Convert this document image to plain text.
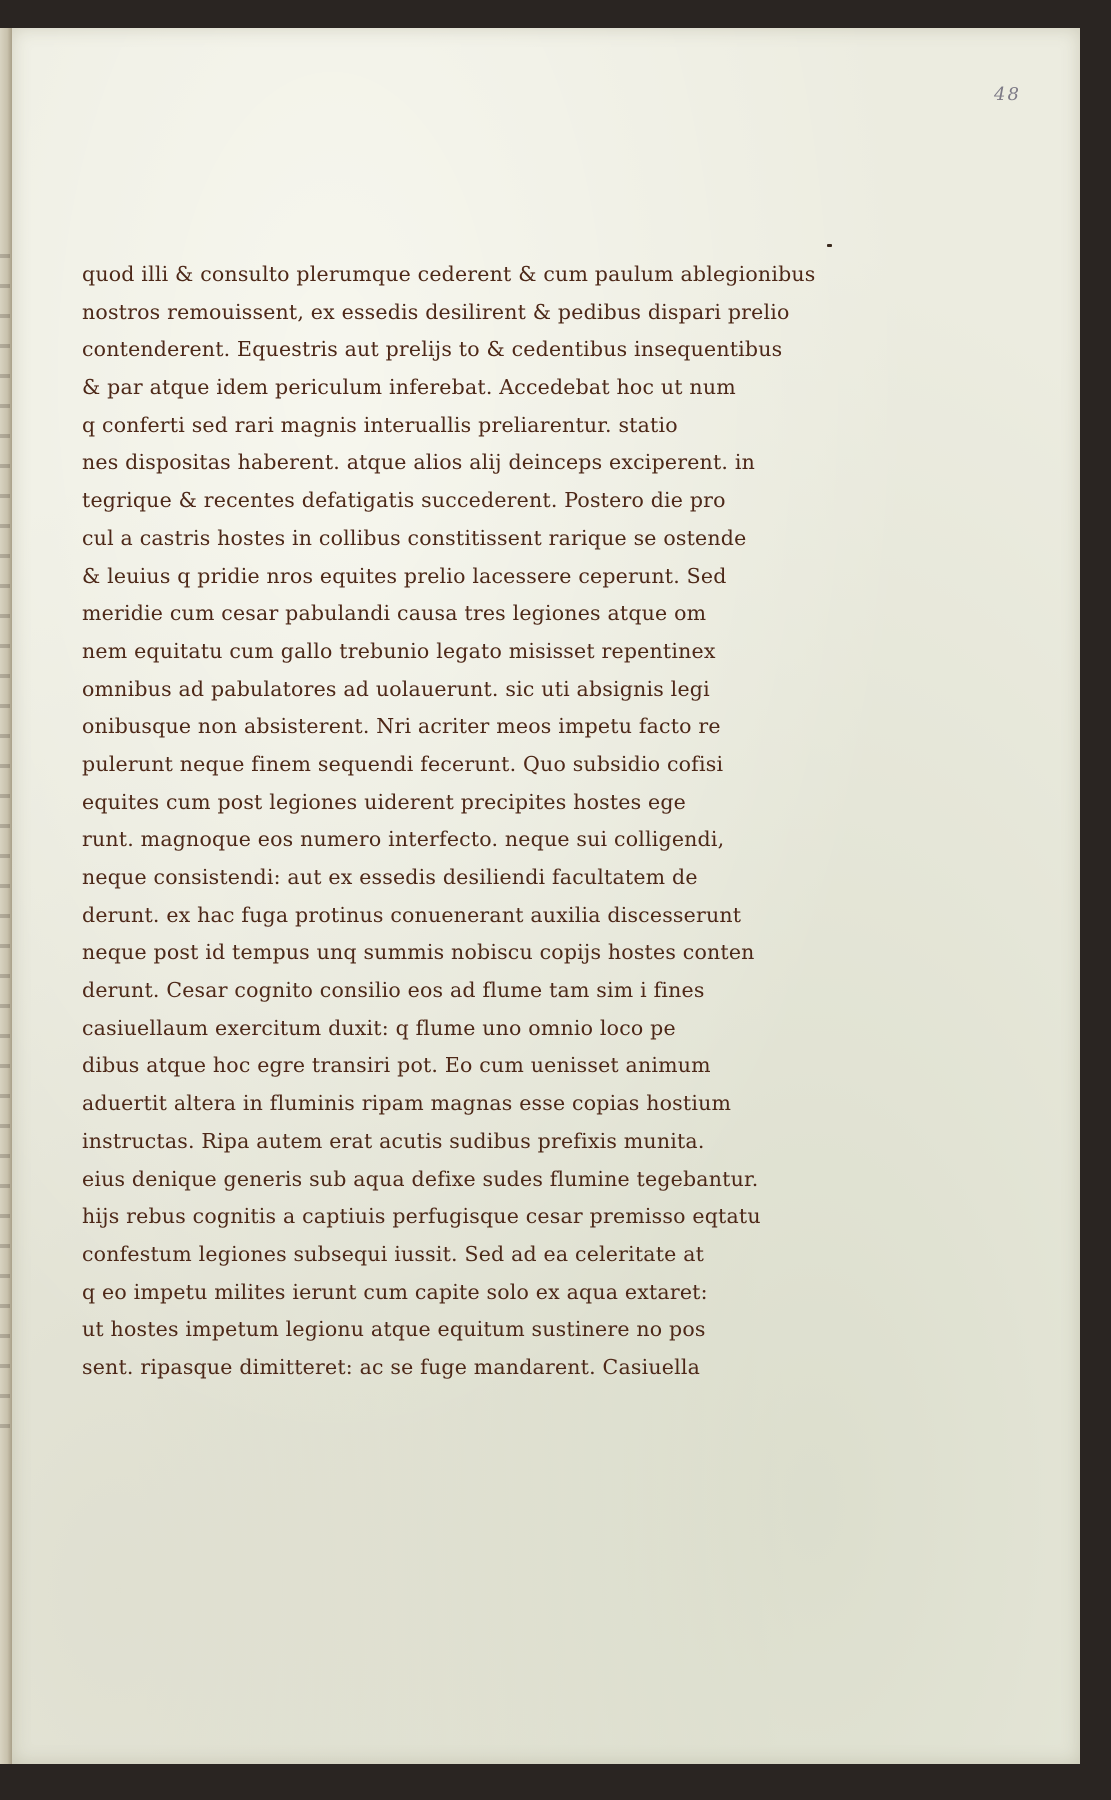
48
quod illi & consulto plerumque cederent & cum paulum ablegionibus
nostros remouissent, ex essedis desilirent & pedibus dispari prelio
contenderent. Equestris aut prelijs to & cedentibus insequentibus
& par atque idem periculum inferebat. Accedebat hoc ut num
q conferti sed rari magnis interuallis preliarentur. statio
nes dispositas haberent. atque alios alij deinceps exciperent. in
tegrique & recentes defatigatis succederent. Postero die pro
cul a castris hostes in collibus constitissent rarique se ostende
& leuius q pridie nros equites prelio lacessere ceperunt. Sed
meridie cum cesar pabulandi causa tres legiones atque om
nem equitatu cum gallo trebunio legato misisset repentinex
omnibus ad pabulatores ad uolauerunt. sic uti absignis legi
onibusque non absisterent. Nri acriter meos impetu facto re
pulerunt neque finem sequendi fecerunt. Quo subsidio cofisi
equites cum post legiones uiderent precipites hostes ege
runt. magnoque eos numero interfecto. neque sui colligendi,
neque consistendi: aut ex essedis desiliendi facultatem de
derunt. ex hac fuga protinus conuenerant auxilia discesserunt
neque post id tempus unq summis nobiscu copijs hostes conten
derunt. Cesar cognito consilio eos ad flume tam sim i fines
casiuellaum exercitum duxit: q flume uno omnio loco pe
dibus atque hoc egre transiri pot. Eo cum uenisset animum
aduertit altera in fluminis ripam magnas esse copias hostium
instructas. Ripa autem erat acutis sudibus prefixis munita.
eius denique generis sub aqua defixe sudes flumine tegebantur.
hijs rebus cognitis a captiuis perfugisque cesar premisso eqtatu
confestum legiones subsequi iussit. Sed ad ea celeritate at
q eo impetu milites ierunt cum capite solo ex aqua extaret:
ut hostes impetum legionu atque equitum sustinere no pos
sent. ripasque dimitteret: ac se fuge mandarent. Casiuella
